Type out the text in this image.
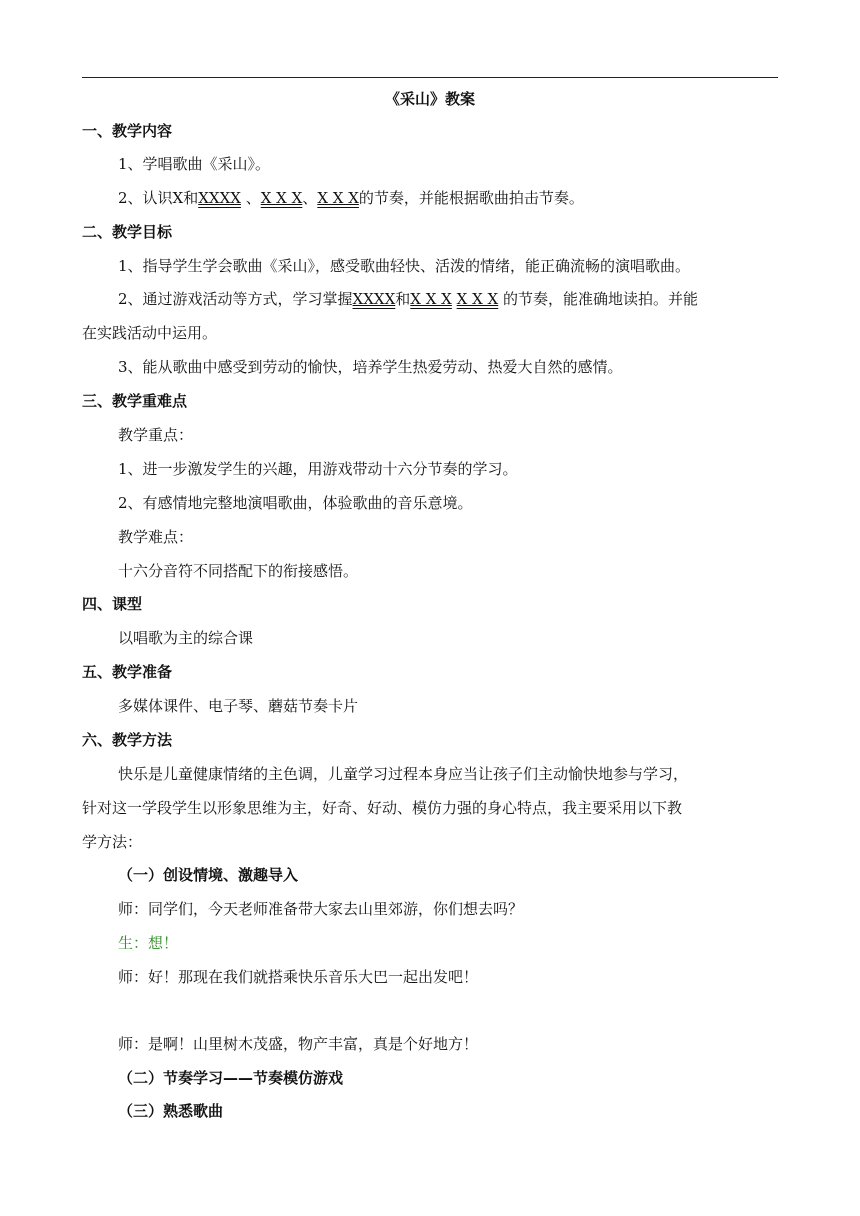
《采山》教案
一、教学内容
1、学唱歌曲《采山》。
2、认识X和XXXX 、X X X、X X X的节奏，并能根据歌曲拍击节奏。
二、教学目标
1、指导学生学会歌曲《采山》，感受歌曲轻快、活泼的情绪，能正确流畅的演唱歌曲。
2、通过游戏活动等方式，学习掌握XXXX和X X X X X X 的节奏，能准确地读拍。并能
在实践活动中运用。
3、能从歌曲中感受到劳动的愉快，培养学生热爱劳动、热爱大自然的感情。
三、教学重难点
教学重点：
1、进一步激发学生的兴趣，用游戏带动十六分节奏的学习。
2、有感情地完整地演唱歌曲，体验歌曲的音乐意境。
教学难点：
十六分音符不同搭配下的衔接感悟。
四、课型
以唱歌为主的综合课
五、教学准备
多媒体课件、电子琴、蘑菇节奏卡片
六、教学方法
快乐是儿童健康情绪的主色调，儿童学习过程本身应当让孩子们主动愉快地参与学习，
针对这一学段学生以形象思维为主，好奇、好动、模仿力强的身心特点，我主要采用以下教
学方法：
（一）创设情境、激趣导入
师：同学们，今天老师准备带大家去山里郊游，你们想去吗？
生：想！
师：好！那现在我们就搭乘快乐音乐大巴一起出发吧！
师：是啊！山里树木茂盛，物产丰富，真是个好地方！
（二）节奏学习——节奏模仿游戏
（三）熟悉歌曲
